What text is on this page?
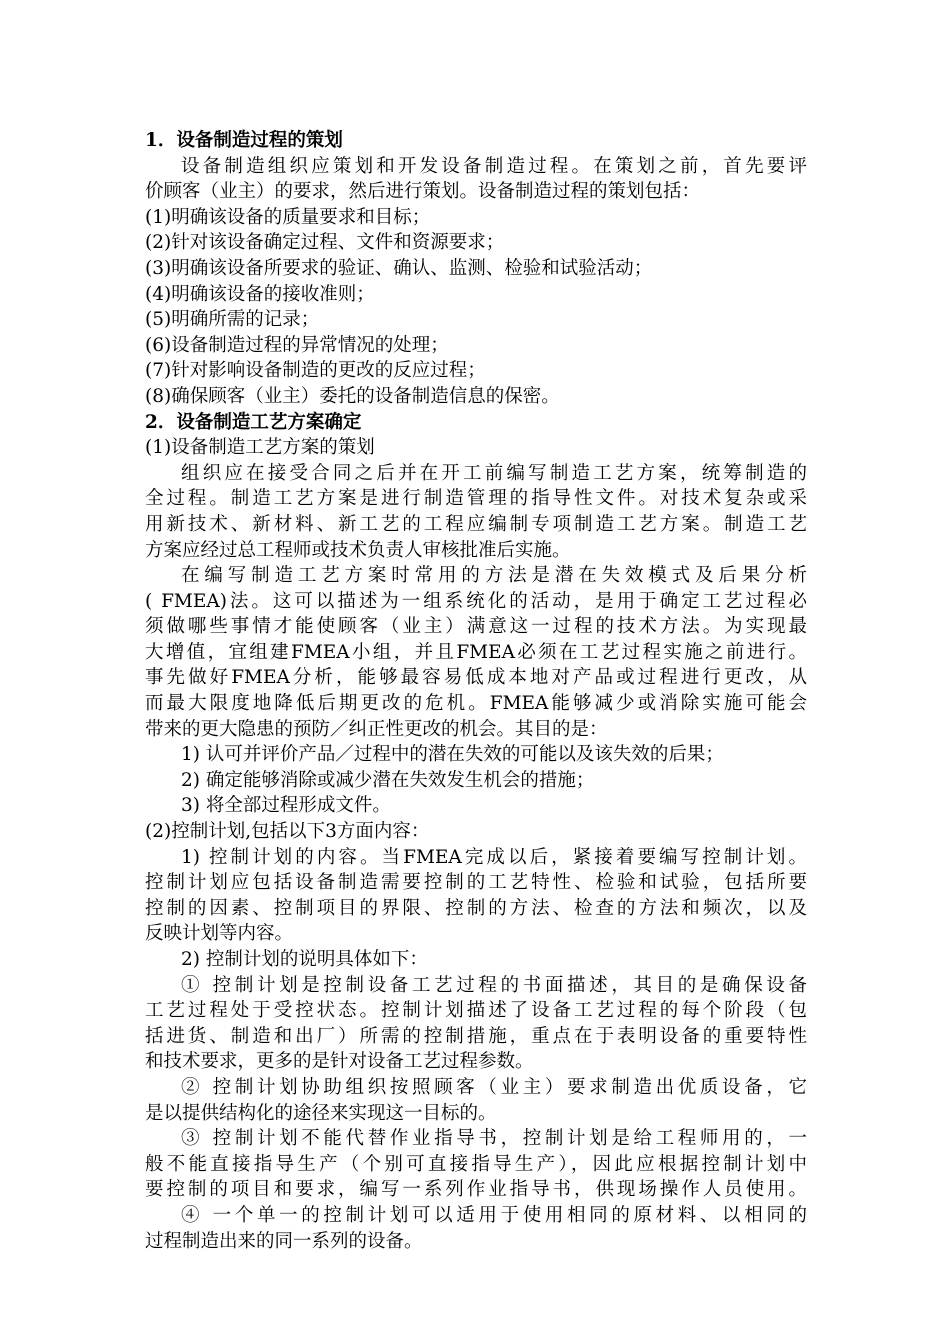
1．设备制造过程的策划
设备制造组织应策划和开发设备制造过程。在策划之前，首先要评
价顾客（业主）的要求，然后进行策划。设备制造过程的策划包括：
(1)明确该设备的质量要求和目标；
(2)针对该设备确定过程、文件和资源要求；
(3)明确该设备所要求的验证、确认、监测、检验和试验活动；
(4)明确该设备的接收准则；
(5)明确所需的记录；
(6)设备制造过程的异常情况的处理；
(7)针对影响设备制造的更改的反应过程；
(8)确保顾客（业主）委托的设备制造信息的保密。
2．设备制造工艺方案确定
(1)设备制造工艺方案的策划
组织应在接受合同之后并在开工前编写制造工艺方案，统筹制造的
全过程。制造工艺方案是进行制造管理的指导性文件。对技术复杂或采
用新技术、新材料、新工艺的工程应编制专项制造工艺方案。制造工艺
方案应经过总工程师或技术负责人审核批准后实施。
在编写制造工艺方案时常用的方法是潜在失效模式及后果分析
( FMEA)法。这可以描述为一组系统化的活动，是用于确定工艺过程必
须做哪些事情才能使顾客（业主）满意这一过程的技术方法。为实现最
大增值，宜组建FMEA小组，并且FMEA必须在工艺过程实施之前进行。
事先做好FMEA分析，能够最容易低成本地对产品或过程进行更改，从
而最大限度地降低后期更改的危机。FMEA能够减少或消除实施可能会
带来的更大隐患的预防／纠正性更改的机会。其目的是：
1) 认可并评价产品／过程中的潜在失效的可能以及该失效的后果；
2) 确定能够消除或减少潜在失效发生机会的措施；
3) 将全部过程形成文件。
(2)控制计划,包括以下3方面内容：
1) 控制计划的内容。当FMEA完成以后，紧接着要编写控制计划。
控制计划应包括设备制造需要控制的工艺特性、检验和试验，包括所要
控制的因素、控制项目的界限、控制的方法、检查的方法和频次，以及
反映计划等内容。
2) 控制计划的说明具体如下：
① 控制计划是控制设备工艺过程的书面描述，其目的是确保设备
工艺过程处于受控状态。控制计划描述了设备工艺过程的每个阶段（包
括进货、制造和出厂）所需的控制措施，重点在于表明设备的重要特性
和技术要求，更多的是针对设备工艺过程参数。
② 控制计划协助组织按照顾客（业主）要求制造出优质设备，它
是以提供结构化的途径来实现这一目标的。
③ 控制计划不能代替作业指导书，控制计划是给工程师用的，一
般不能直接指导生产（个别可直接指导生产），因此应根据控制计划中
要控制的项目和要求，编写一系列作业指导书，供现场操作人员使用。
④ 一个单一的控制计划可以适用于使用相同的原材料、以相同的
过程制造出来的同一系列的设备。
